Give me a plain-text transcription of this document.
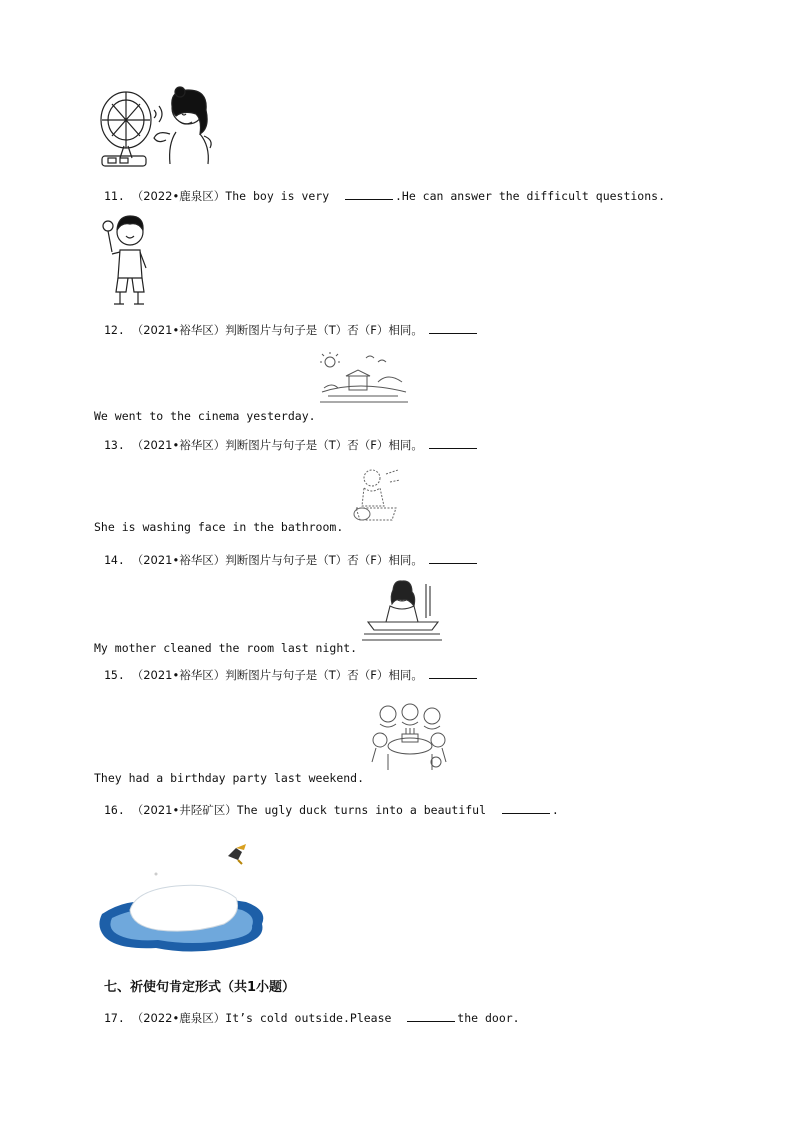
11. （2022•鹿泉区）The boy is very	.He can answer the difficult questions.
12. （2021•裕华区）判断图片与句子是（T）否（F）相同。
We went to the cinema yesterday.
13. （2021•裕华区）判断图片与句子是（T）否（F）相同。
She is washing face in the bathroom.
14. （2021•裕华区）判断图片与句子是（T）否（F）相同。
My mother cleaned the room last night.
15. （2021•裕华区）判断图片与句子是（T）否（F）相同。
They had a birthday party last weekend.
16. （2021•井陉矿区）The ugly duck turns into a beautiful	.
七、祈使句肯定形式（共1小题）
17. （2022•鹿泉区）It’s cold outside.Please	the door.
